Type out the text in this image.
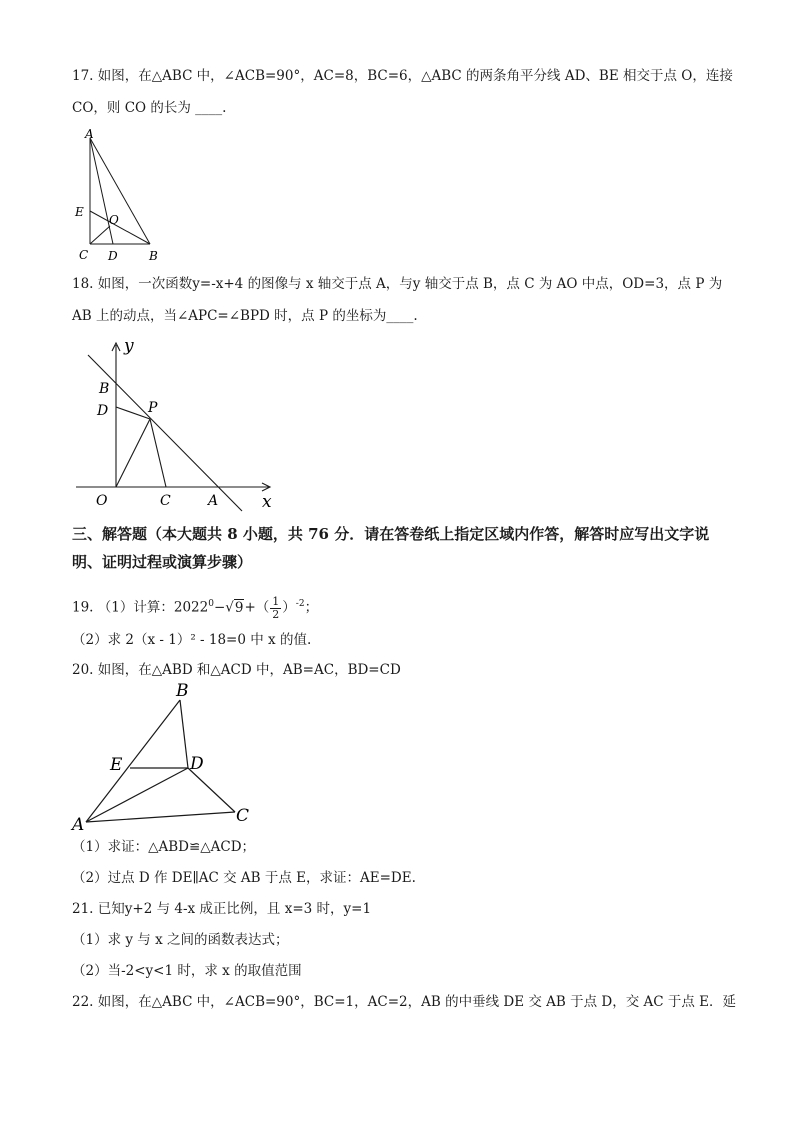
17. 如图，在△ABC 中，∠ACB=90°，AC=8，BC=6，△ABC 的两条角平分线 AD、BE 相交于点 O，连接
CO，则 CO 的长为 ____.
A
E
O
C D	B
18. 如图，一次函数y=-x+4 的图像与 x 轴交于点 A，与y 轴交于点 B，点 C 为 AO 中点，OD=3，点 P 为
AB 上的动点，当∠APC=∠BPD 时，点 P 的坐标为____.
y
x
B
D	P
O	C	A
三、解答题（本大题共 8 小题，共 76 分．请在答卷纸上指定区域内作答，解答时应写出文字说明、证明过程或演算步骤）
19. （1）计算：$2022^0-√9+( \frac{1}{2} )^{-2}$；
（2）求 2（x - 1）² - 18=0 中 x 的值.
20. 如图，在△ABD 和△ACD 中，AB=AC，BD=CD
B
E	D
A	C
（1）求证：△ABD≌△ACD；
（2）过点 D 作 DE∥AC 交 AB 于点 E，求证：AE=DE.
21. 已知y+2 与 4-x 成正比例，且 x=3 时，y=1
（1）求 y 与 x 之间的函数表达式；
（2）当-2<y<1 时，求 x 的取值范围
22. 如图，在△ABC 中，∠ACB=90°，BC=1，AC=2，AB 的中垂线 DE 交 AB 于点 D，交 AC 于点 E．延
